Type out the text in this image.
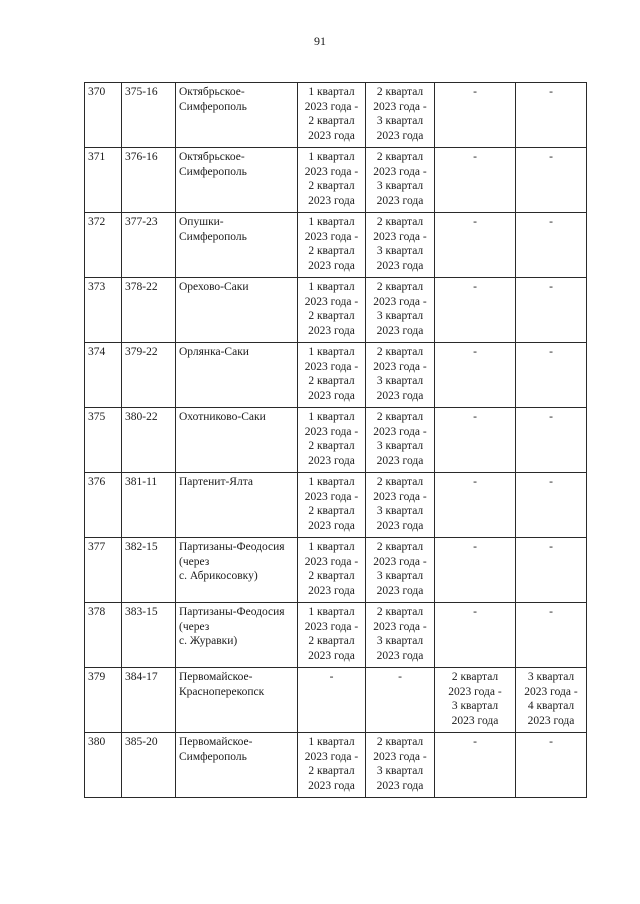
91
370	375-16	Октябрьское-
Симферополь	1 квартал
2023 года -
2 квартал
2023 года	2 квартал
2023 года -
3 квартал
2023 года	-	-
371	376-16	Октябрьское-
Симферополь	1 квартал
2023 года -
2 квартал
2023 года	2 квартал
2023 года -
3 квартал
2023 года	-	-
372	377-23	Опушки-
Симферополь	1 квартал
2023 года -
2 квартал
2023 года	2 квартал
2023 года -
3 квартал
2023 года	-	-
373	378-22	Орехово-Саки	1 квартал
2023 года -
2 квартал
2023 года	2 квартал
2023 года -
3 квартал
2023 года	-	-
374	379-22	Орлянка-Саки	1 квартал
2023 года -
2 квартал
2023 года	2 квартал
2023 года -
3 квартал
2023 года	-	-
375	380-22	Охотниково-Саки	1 квартал
2023 года -
2 квартал
2023 года	2 квартал
2023 года -
3 квартал
2023 года	-	-
376	381-11	Партенит-Ялта	1 квартал
2023 года -
2 квартал
2023 года	2 квартал
2023 года -
3 квартал
2023 года	-	-
377	382-15	Партизаны-Феодосия
(через
с. Абрикосовку)	1 квартал
2023 года -
2 квартал
2023 года	2 квартал
2023 года -
3 квартал
2023 года	-	-
378	383-15	Партизаны-Феодосия
(через
с. Журавки)	1 квартал
2023 года -
2 квартал
2023 года	2 квартал
2023 года -
3 квартал
2023 года	-	-
379	384-17	Первомайское-
Красноперекопск	-	-	2 квартал
2023 года -
3 квартал
2023 года	3 квартал
2023 года -
4 квартал
2023 года
380	385-20	Первомайское-
Симферополь	1 квартал
2023 года -
2 квартал
2023 года	2 квартал
2023 года -
3 квартал
2023 года	-	-
